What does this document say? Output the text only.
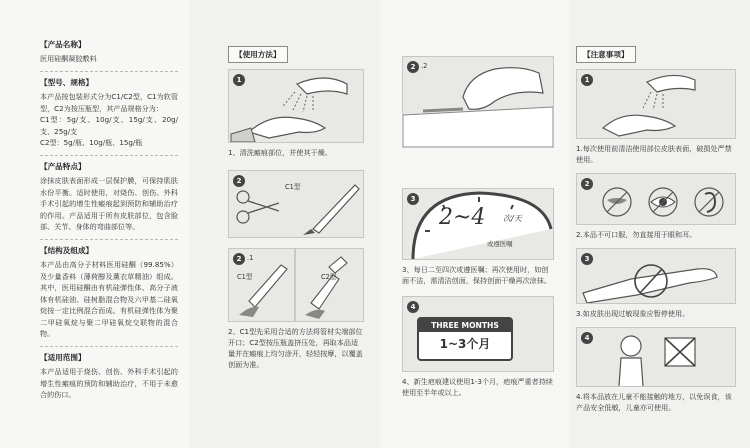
【产品名称】
医用硅酮凝胶敷料
【型号、规格】
本产品按包装形式分为C1/C2型，C1为软管型，C2为按压瓶型，其产品规格分为：
C1型：5g/支、10g/支、15g/支、20g/支、25g/支
C2型：5g/瓶、10g/瓶、15g/瓶
【产品特点】
涂抹皮肤表面形成一层保护膜，可保持肌肤水份平衡。适时使用，对烧伤、创伤、外科手术引起的增生性瘢痕起到预防和辅助治疗的作用。产品适用于所有皮肤部位，包含脸部、关节、身体的弯曲部位等。
【结构及组成】
本产品由高分子材料医用硅酮（99.85%）及少量香料（薄荷醇及薰衣草精油）组成。其中，医用硅酮由有机硅弹性体、高分子液体有机硅油、硅树脂混合物及六甲基二硅氧烷按一定比例混合而成。有机硅弹性体为聚二甲硅氧烷与聚二甲硅氧烷交联物的混合物。
【适用范围】
本产品适用于烧伤、创伤、外科手术引起的增生性瘢痕的预防和辅助治疗，不用于未愈合的伤口。
【使用方法】
1
1、清洗瘢痕部位，并使其干燥。
2
C1型
2 .1
C1型	C2型
2、C1型先采用合适的方法将管材尖端部位开口；C2型按压瓶盖挤压处，再取本品适量并在瘢痕上均匀涂开，轻轻按摩，以覆盖创面为准。
2 .2
3
2~4 次/天
或遵医嘱
3、每日二至四次或遵医嘱；再次使用时，如创面不洁，需清洁创面，保持创面干燥再次涂抹。
4
THREE MONTHS
1~3个月
4、新生疤痕建议使用1-3个月，疤痕严重者持续使用至半年或以上。
【注意事项】
1
1.每次使用前清洁使用部位皮肤表面，破损处严禁使用。
2
2.本品不可口服，勿直接用于眼和耳。
3
3.如皮肤出现过敏现象应暂停使用。
4
4.将本品放在儿童不能接触的地方，以免误食，该产品安全低敏，儿童亦可使用。
